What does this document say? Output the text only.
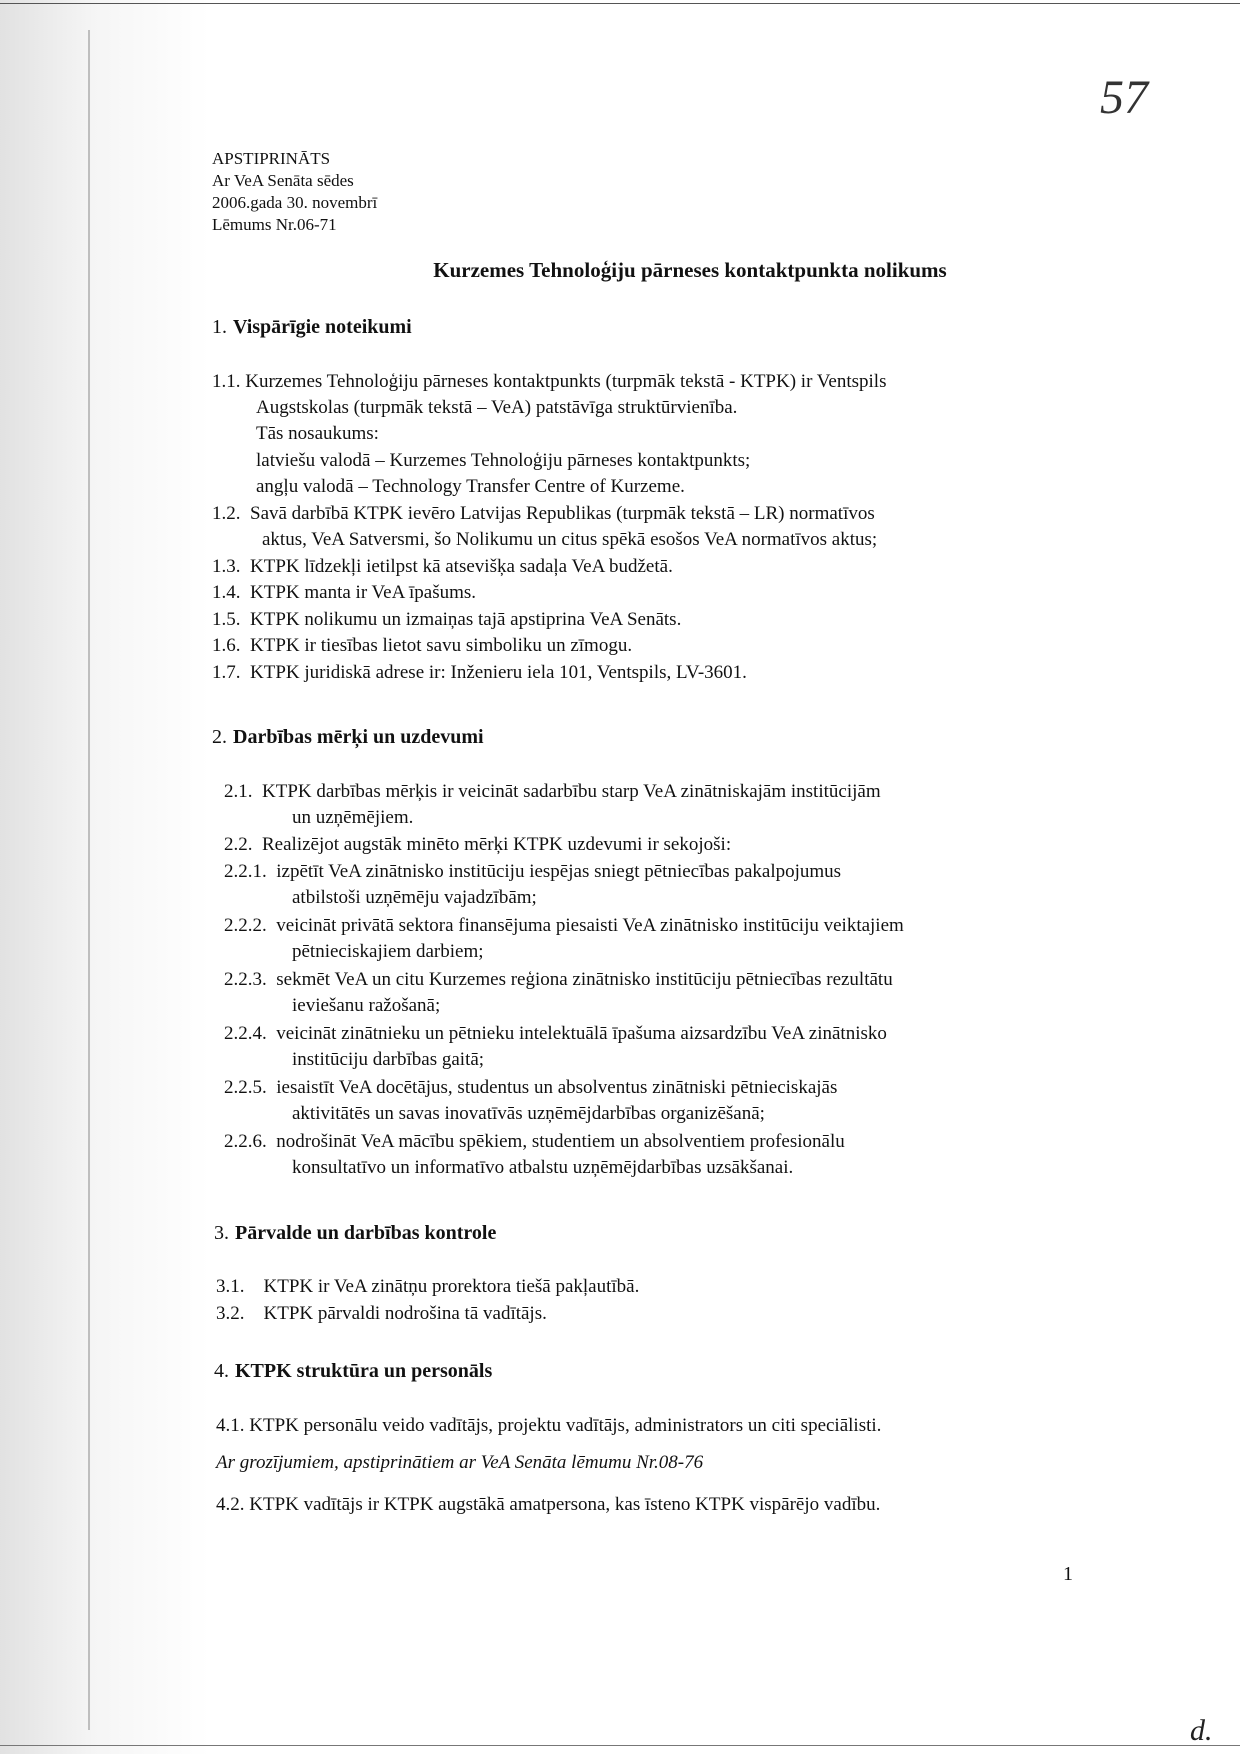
57
APSTIPRINĀTS
Ar VeA Senāta sēdes
2006.gada 30. novembrī
Lēmums Nr.06-71
Kurzemes Tehnoloģiju pārneses kontaktpunkta nolikums
1. Vispārīgie noteikumi
1.1. Kurzemes Tehnoloģiju pārneses kontaktpunkts (turpmāk tekstā - KTPK) ir Ventspils
Augstskolas (turpmāk tekstā – VeA) patstāvīga struktūrvienība.
Tās nosaukums:
latviešu valodā – Kurzemes Tehnoloģiju pārneses kontaktpunkts;
angļu valodā – Technology Transfer Centre of Kurzeme.
1.2. Savā darbībā KTPK ievēro Latvijas Republikas (turpmāk tekstā – LR) normatīvos
aktus, VeA Satversmi, šo Nolikumu un citus spēkā esošos VeA normatīvos aktus;
1.3. KTPK līdzekļi ietilpst kā atsevišķa sadaļa VeA budžetā.
1.4. KTPK manta ir VeA īpašums.
1.5. KTPK nolikumu un izmaiņas tajā apstiprina VeA Senāts.
1.6. KTPK ir tiesības lietot savu simboliku un zīmogu.
1.7. KTPK juridiskā adrese ir: Inženieru iela 101, Ventspils, LV-3601.
2. Darbības mērķi un uzdevumi
2.1. KTPK darbības mērķis ir veicināt sadarbību starp VeA zinātniskajām institūcijām
un uzņēmējiem.
2.2. Realizējot augstāk minēto mērķi KTPK uzdevumi ir sekojoši:
2.2.1. izpētīt VeA zinātnisko institūciju iespējas sniegt pētniecības pakalpojumus
atbilstoši uzņēmēju vajadzībām;
2.2.2. veicināt privātā sektora finansējuma piesaisti VeA zinātnisko institūciju veiktajiem
pētnieciskajiem darbiem;
2.2.3. sekmēt VeA un citu Kurzemes reģiona zinātnisko institūciju pētniecības rezultātu
ieviešanu ražošanā;
2.2.4. veicināt zinātnieku un pētnieku intelektuālā īpašuma aizsardzību VeA zinātnisko
institūciju darbības gaitā;
2.2.5. iesaistīt VeA docētājus, studentus un absolventus zinātniski pētnieciskajās
aktivitātēs un savas inovatīvās uzņēmējdarbības organizēšanā;
2.2.6. nodrošināt VeA mācību spēkiem, studentiem un absolventiem profesionālu
konsultatīvo un informatīvo atbalstu uzņēmējdarbības uzsākšanai.
3. Pārvalde un darbības kontrole
3.1. KTPK ir VeA zinātņu prorektora tiešā pakļautībā.
3.2. KTPK pārvaldi nodrošina tā vadītājs.
4. KTPK struktūra un personāls
4.1. KTPK personālu veido vadītājs, projektu vadītājs, administrators un citi speciālisti.
Ar grozījumiem, apstiprinātiem ar VeA Senāta lēmumu Nr.08-76
4.2. KTPK vadītājs ir KTPK augstākā amatpersona, kas īsteno KTPK vispārējo vadību.
1
d.
